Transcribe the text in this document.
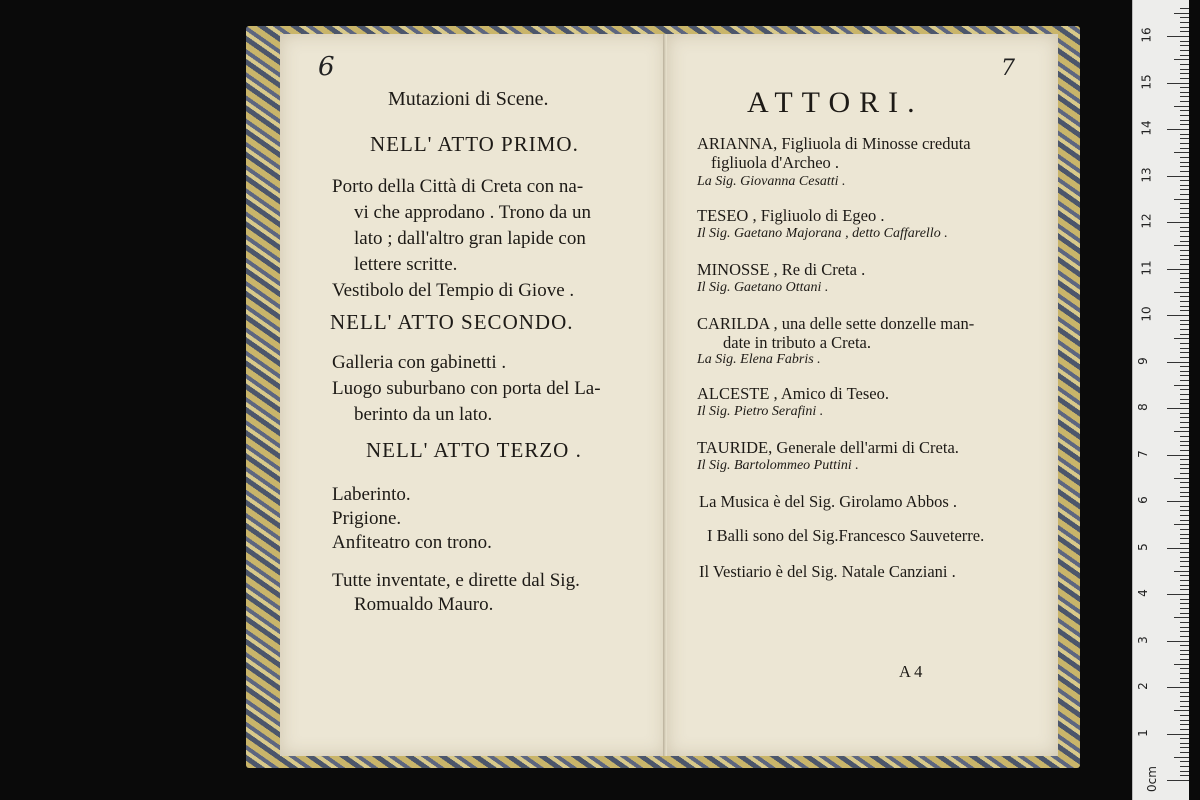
6
Mutazioni di Scene.
NELL' ATTO PRIMO.
Porto della Città di Creta con na-
vi che approdano . Trono da un
lato ; dall'altro gran lapide con
lettere scritte.
Vestibolo del Tempio di Giove .
NELL' ATTO SECONDO.
Galleria con gabinetti .
Luogo suburbano con porta del La-
berinto da un lato.
NELL' ATTO TERZO .
Laberinto.
Prigione.
Anfiteatro con trono.
Tutte inventate, e dirette dal Sig.
Romualdo Mauro.
7
ATTORI.
ARIANNA, Figliuola di Minosse creduta
figliuola d'Archeo .
La Sig. Giovanna Cesatti .
TESEO , Figliuolo di Egeo .
Il Sig. Gaetano Majorana , detto Caffarello .
MINOSSE , Re di Creta .
Il Sig. Gaetano Ottani .
CARILDA , una delle sette donzelle man-
date in tributo a Creta.
La Sig. Elena Fabris .
ALCESTE , Amico di Teseo.
Il Sig. Pietro Serafini .
TAURIDE, Generale dell'armi di Creta.
Il Sig. Bartolommeo Puttini .
La Musica è del Sig. Girolamo Abbos .
I Balli sono del Sig.Francesco Sauveterre.
Il Vestiario è del Sig. Natale Canziani .
A 4
0cm
1
2
3
4
5
6
7
8
9
10
11
12
13
14
15
16
